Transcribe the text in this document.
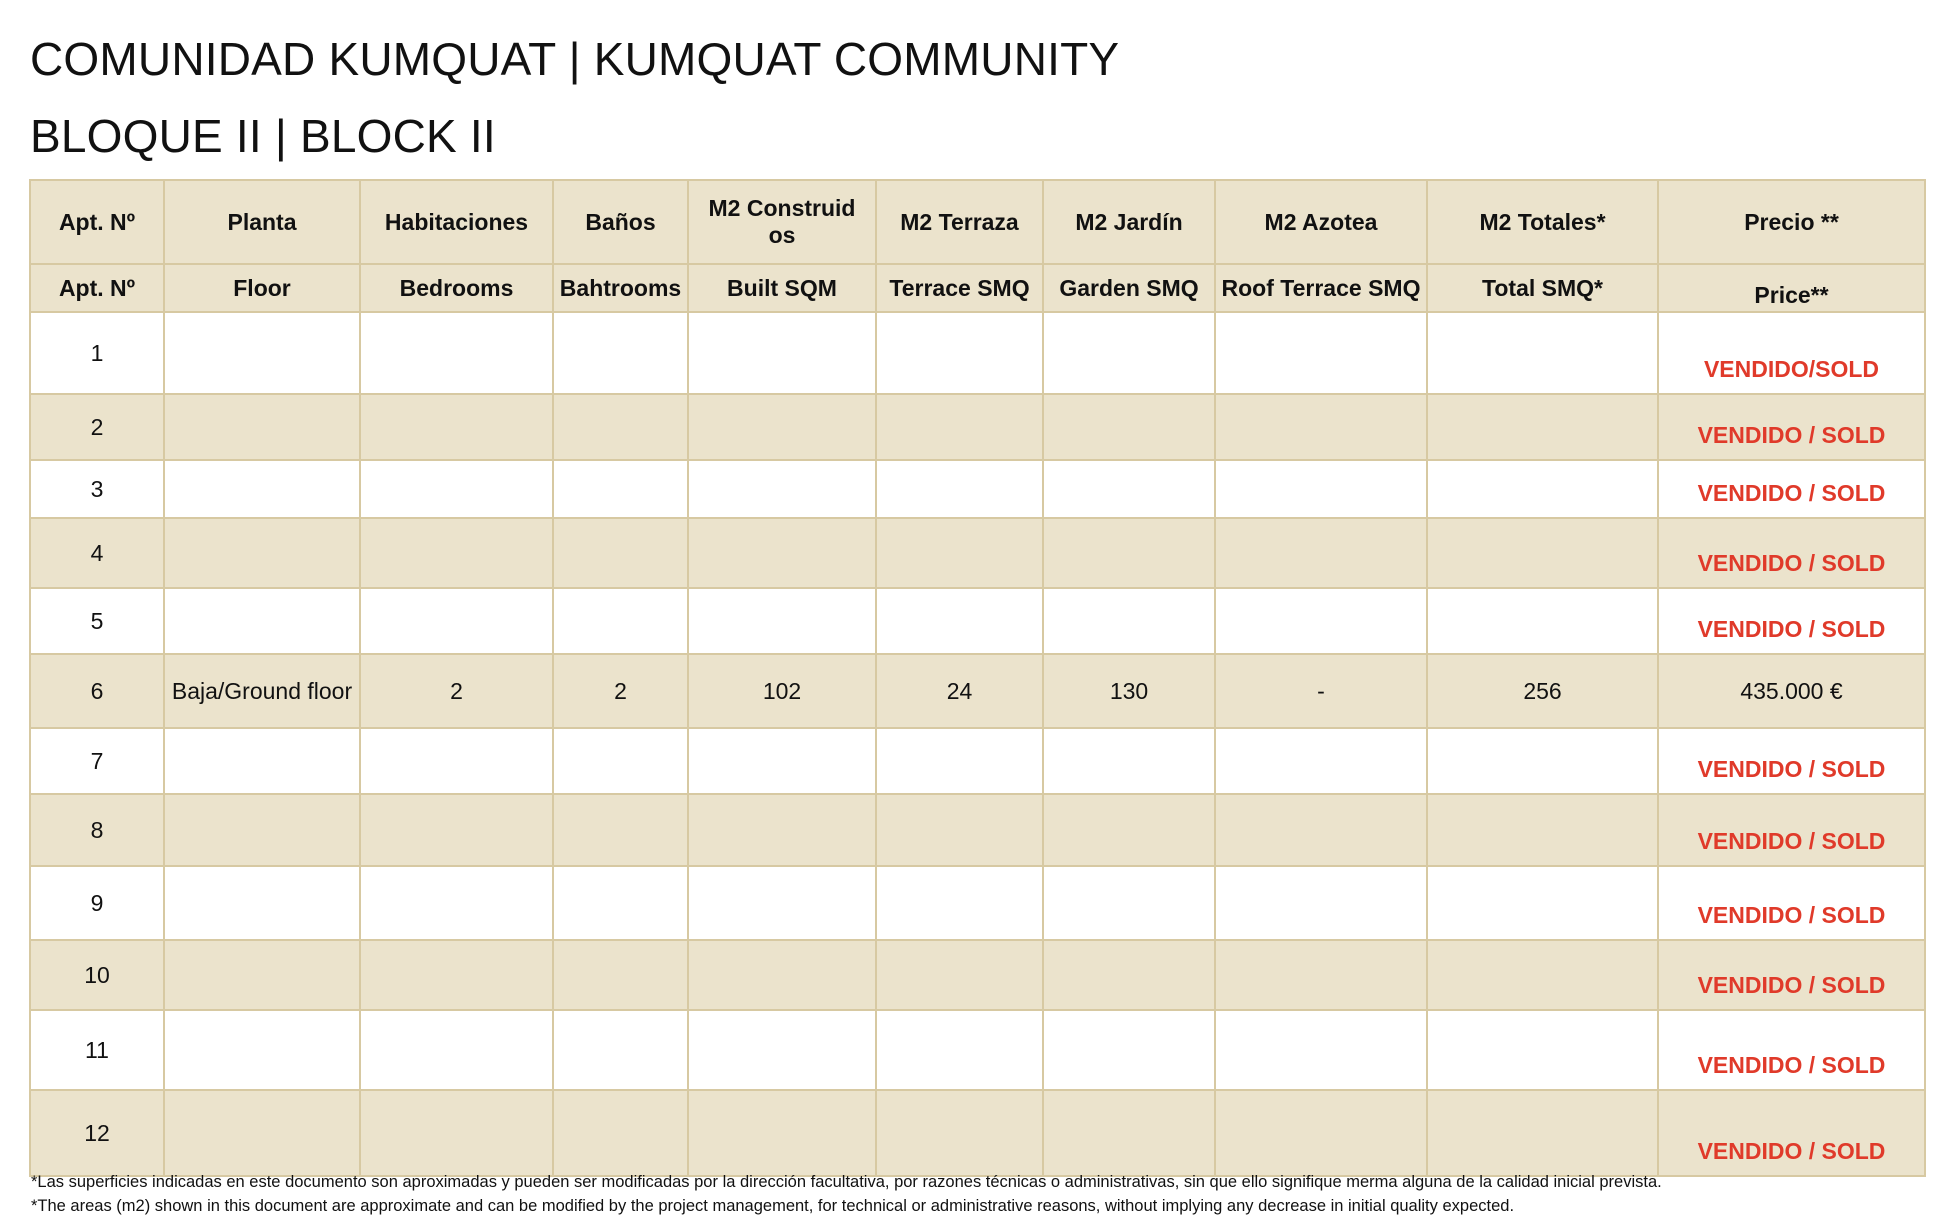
COMUNIDAD KUMQUAT | KUMQUAT COMMUNITY
BLOQUE II | BLOCK II
Apt. Nº	Planta	Habitaciones	Baños	M2 Construidos	M2 Terraza	M2 Jardín	M2 Azotea	M2 Totales*	Precio **
Apt. Nº	Floor	Bedrooms	Bahtrooms	Built SQM	Terrace SMQ	Garden SMQ	Roof Terrace SMQ	Total SMQ*	Price**
1									VENDIDO/SOLD
2									VENDIDO / SOLD
3									VENDIDO / SOLD
4									VENDIDO / SOLD
5									VENDIDO / SOLD
6	Baja/Ground floor	2	2	102	24	130	-	256	435.000 €
7									VENDIDO / SOLD
8									VENDIDO / SOLD
9									VENDIDO / SOLD
10									VENDIDO / SOLD
11									VENDIDO / SOLD
12									VENDIDO / SOLD
*Las superficies indicadas en este documento son aproximadas y pueden ser modificadas por la dirección facultativa, por razones técnicas o administrativas, sin que ello signifique merma alguna de la calidad inicial prevista.
*The areas (m2) shown in this document are approximate and can be modified by the project management, for technical or administrative reasons, without implying any decrease in initial quality expected.
